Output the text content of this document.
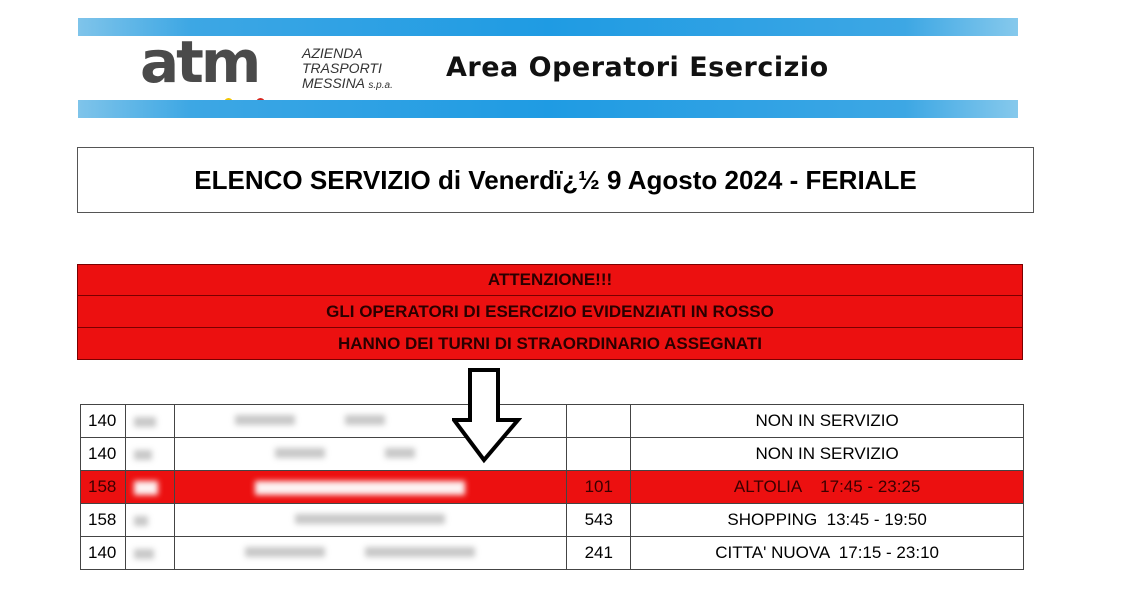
atm	AZIENDA
TRASPORTI
MESSINA s.p.a.
Area Operatori Esercizio
ELENCO SERVIZIO di Venerdï¿½ 9 Agosto 2024 - FERIALE
ATTENZIONE!!!
GLI OPERATORI DI ESERCIZIO EVIDENZIATI IN ROSSO
HANNO DEI TURNI DI STRAORDINARIO ASSEGNATI
140				NON IN SERVIZIO
140				NON IN SERVIZIO
158			101	ALTOLIA    17:45 - 23:25
158			543	SHOPPING  13:45 - 19:50
140			241	CITTA' NUOVA  17:15 - 23:10
